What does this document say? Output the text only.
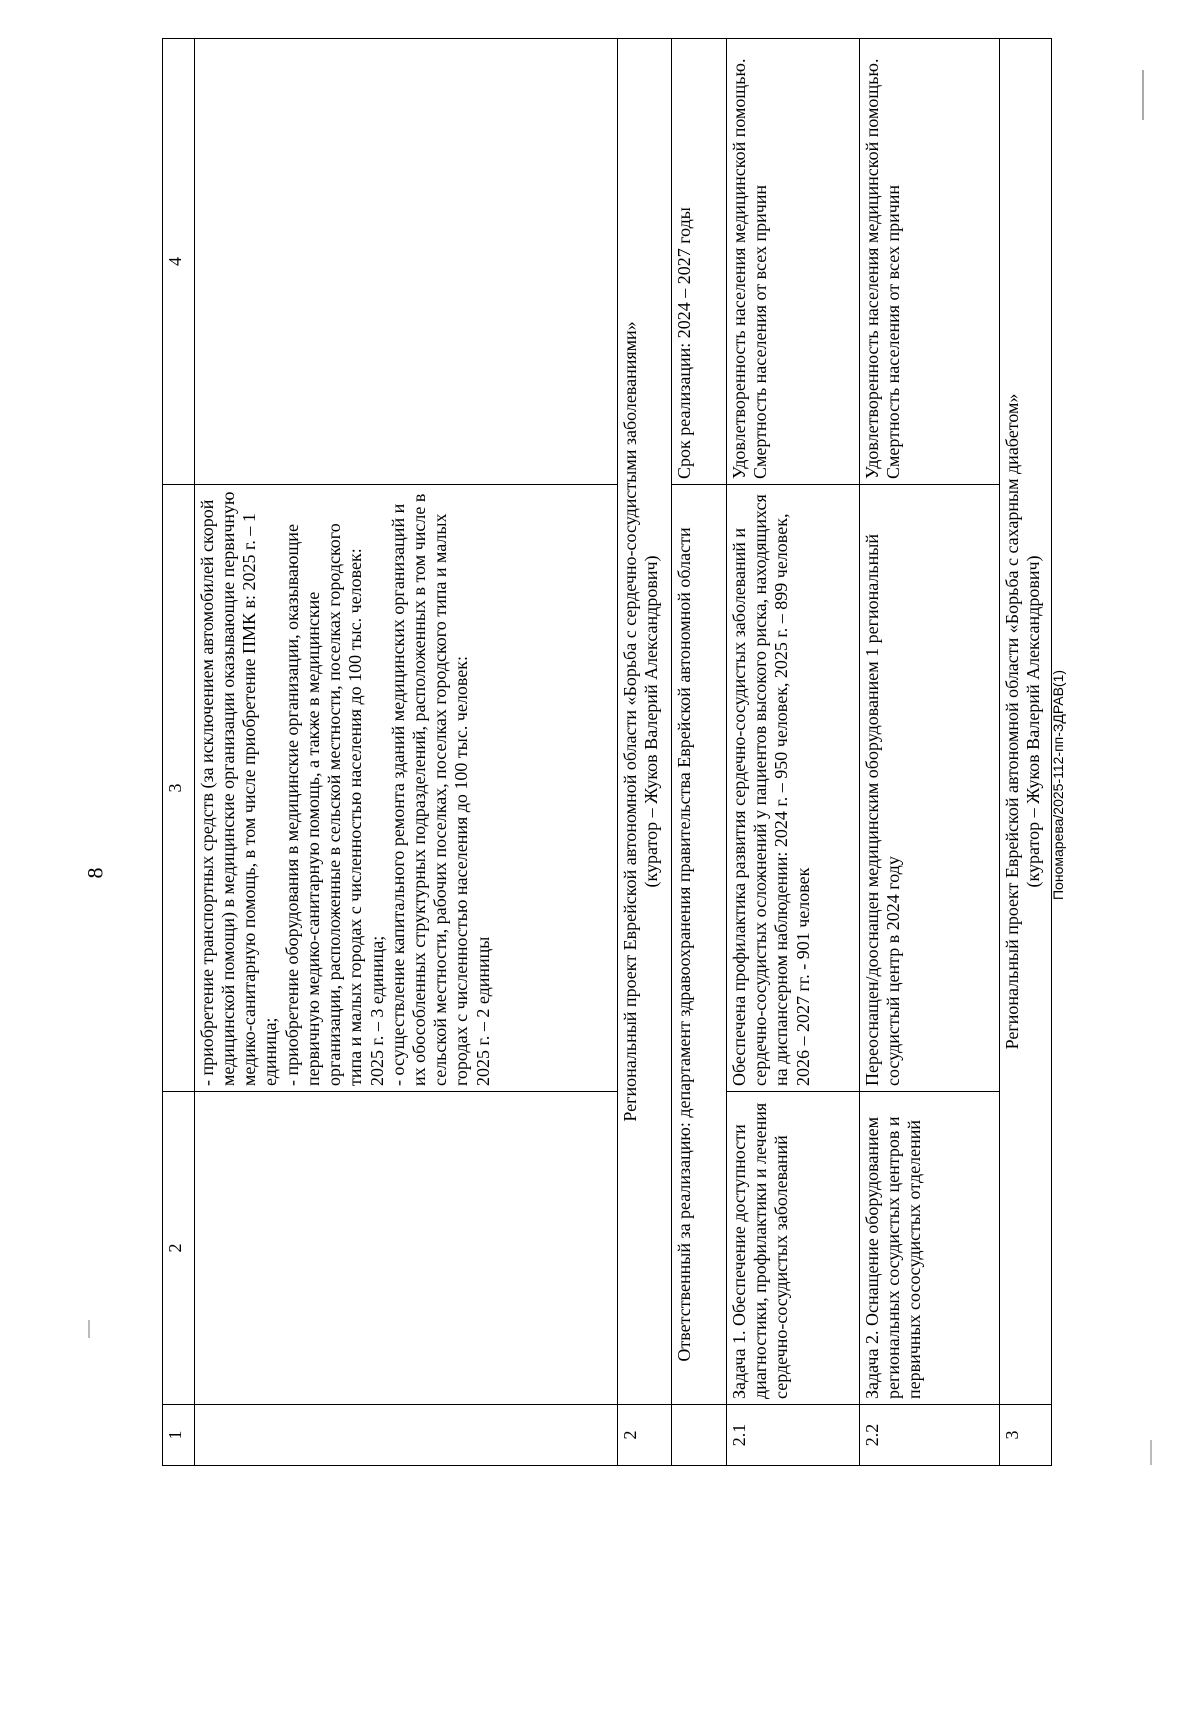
8	Пономарева/2025-112-пп-ЗДРАВ(1)
1	2	3	4

		- приобретение транспортных средств (за исключением автомобилей скорой медицинской помощи) в медицинские организации оказывающие первичную медико-санитарную помощь, в том числе приобретение ПМК в: 2025 г. – 1 единица; - приобретение оборудования в медицинские организации, оказывающие первичную медико-санитарную помощь, а также в медицинские организации, расположенные в сельской местности, поселках городского типа и малых городах с численностью населения до 100 тыс. человек: 2025 г. – 3 единица; - осуществление капитального ремонта зданий медицинских организаций и их обособленных структурных подразделений, расположенных в том числе в сельской местности, рабочих поселках, поселках городского типа и малых городах с численностью населения до 100 тыс. человек: 2025 г. – 2 единицы	

2	Региональный проект Еврейской автономной области «Борьба с сердечно-сосудистыми заболеваниями» (куратор – Жуков Валерий Александрович)		

	Ответственный за реализацию: департамент здравоохранения правительства Еврейской автономной области		Срок реализации: 2024 – 2027 годы
2.1	Задача 1. Обеспечение доступности диагностики, профилактики и лечения сердечно-сосудистых заболеваний	Обеспечена профилактика развития сердечно-сосудистых заболеваний и сердечно-сосудистых осложнений у пациентов высокого риска, находящихся на диспансерном наблюдении: 2024 г. – 950 человек, 2025 г. – 899 человек, 2026 – 2027 гг. - 901 человек	Удовлетворенность населения медицинской помощью. Смертность населения от всех причин

2.2	Задача 2. Оснащение оборудованием региональных сосудистых центров и первичных сосоcудистых отделений	Переоснащен/дооснащен медицинским оборудованием 1 региональный сосудистый центр в 2024 году	Удовлетворенность населения медицинской помощью. Смертность населения от всех причин

3	Региональный проект Еврейской автономной области «Борьба с сахарным диабетом» (куратор – Жуков Валерий Александрович)		
